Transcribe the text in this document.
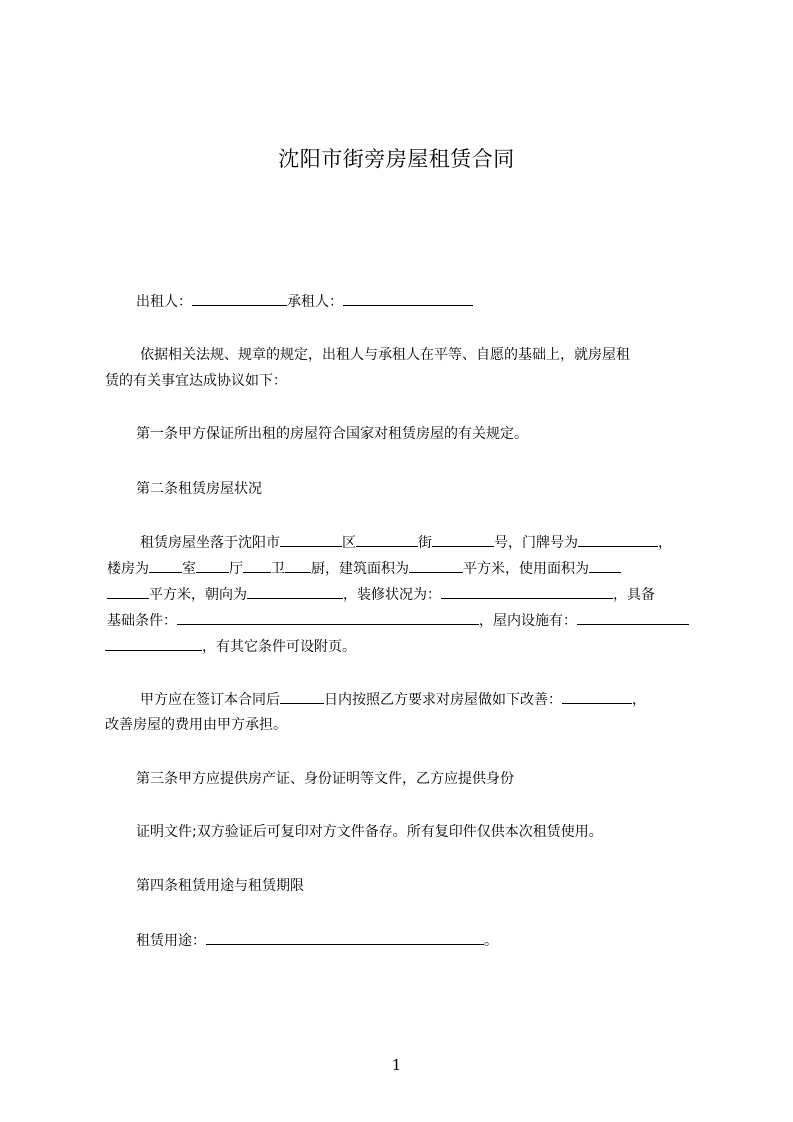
沈阳市街旁房屋租赁合同
出租人：	承租人：
依据相关法规、规章的规定，出租人与承租人在平等、自愿的基础上，就房屋租
赁的有关事宜达成协议如下：
第一条甲方保证所出租的房屋符合国家对租赁房屋的有关规定。
第二条租赁房屋状况
租赁房屋坐落于沈阳市	区	街	号，门牌号为	，
楼房为 室 厅 卫 厨，建筑面积为	平方米，使用面积为
平方米，朝向为	，装修状况为：	，具备
基础条件：	，屋内设施有：
，有其它条件可设附页。
甲方应在签订本合同后	日内按照乙方要求对房屋做如下改善：	，
改善房屋的费用由甲方承担。
第三条甲方应提供房产证、身份证明等文件，乙方应提供身份
证明文件;双方验证后可复印对方文件备存。所有复印件仅供本次租赁使用。
第四条租赁用途与租赁期限
租赁用途：	。
1
